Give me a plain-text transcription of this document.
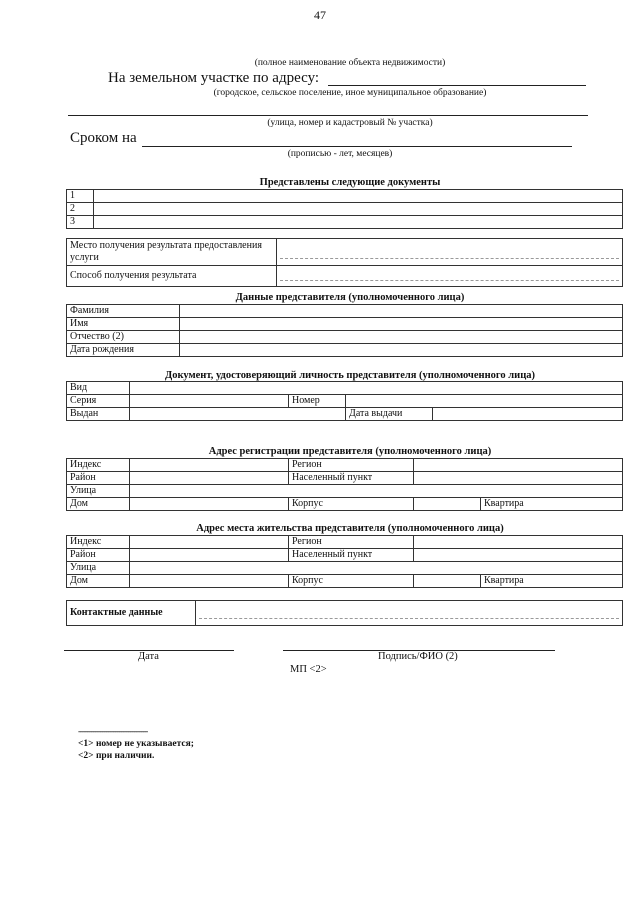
47
(полное наименование объекта недвижимости)
На земельном участке по адресу:
(городское, сельское поселение, иное муниципальное образование)
(улица, номер и кадастровый № участка)
Сроком на
(прописью - лет, месяцев)
Представлены следующие документы
1	
2	
3	
Место получения результата предоставления услуги	

Способ получения результата	
Данные представителя (уполномоченного лица)
Фамилия	
Имя	
Отчество (2)	
Дата рождения	
Документ, удостоверяющий личность представителя (уполномоченного лица)
Вид				
Серия		Номер		
Выдан			Дата выдачи	
Адрес регистрации представителя (уполномоченного лица)
Индекс		Регион		
Район		Населенный пункт		
Улица				
Дом		Корпус		Квартира
Адрес места жительства представителя (уполномоченного лица)
Индекс		Регион		
Район		Населенный пункт		
Улица				
Дом		Корпус		Квартира
Контактные данные	
Дата	Подпись/ФИО (2)
МП <2>
--------------------------------
<1> номер не указывается;
<2> при наличии.
